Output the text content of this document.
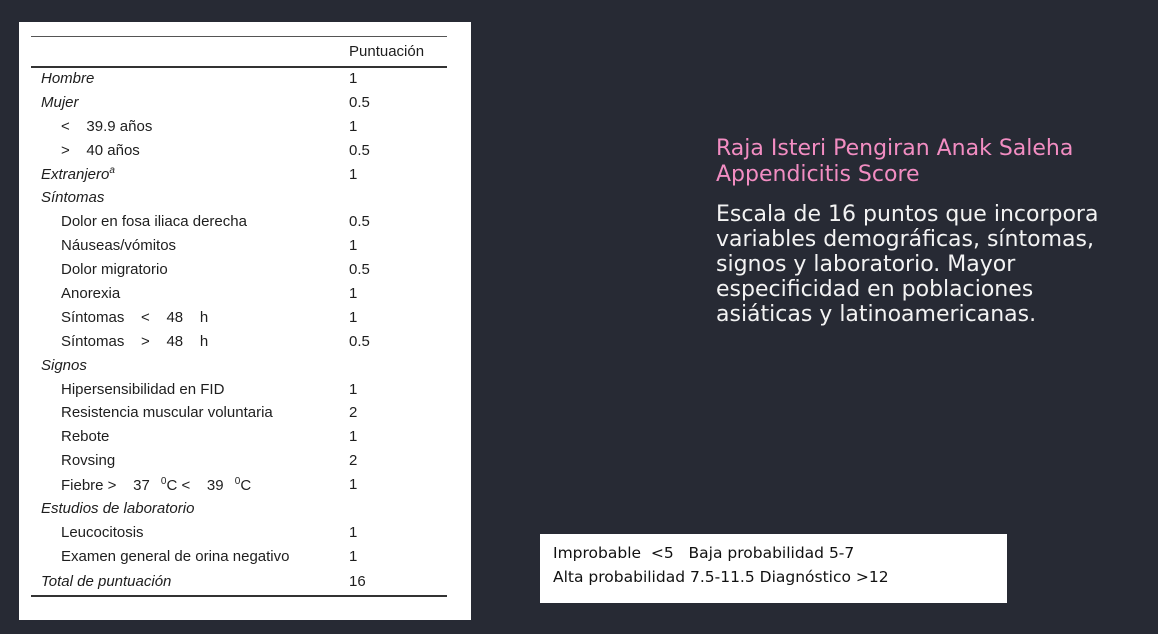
	Puntuación
Hombre	1
Mujer	0.5
<    39.9 años	1
>    40 años	0.5
Extranjero$^a$	1
Síntomas	
Dolor en fosa iliaca derecha	0.5
Náuseas/vómitos	1
Dolor migratorio	0.5
Anorexia	1
Síntomas    <    48    h	1
Síntomas    >    48    h	0.5
Signos	
Hipersensibilidad en FID	1
Resistencia muscular voluntaria	2
Rebote	1
Rovsing	2
Fiebre >    37    $^0$C <    39    $^0$C	1
Estudios de laboratorio	
Leucocitosis	1
Examen general de orina negativo	1
Total de puntuación	16
Raja Isteri Pengiran Anak Saleha Appendicitis Score
Escala de 16 puntos que incorpora variables demográficas, síntomas, signos y laboratorio. Mayor especificidad en poblaciones asiáticas y latinoamericanas.
Improbable  <5   Baja probabilidad 5-7
Alta probabilidad 7.5-11.5 Diagnóstico >12
